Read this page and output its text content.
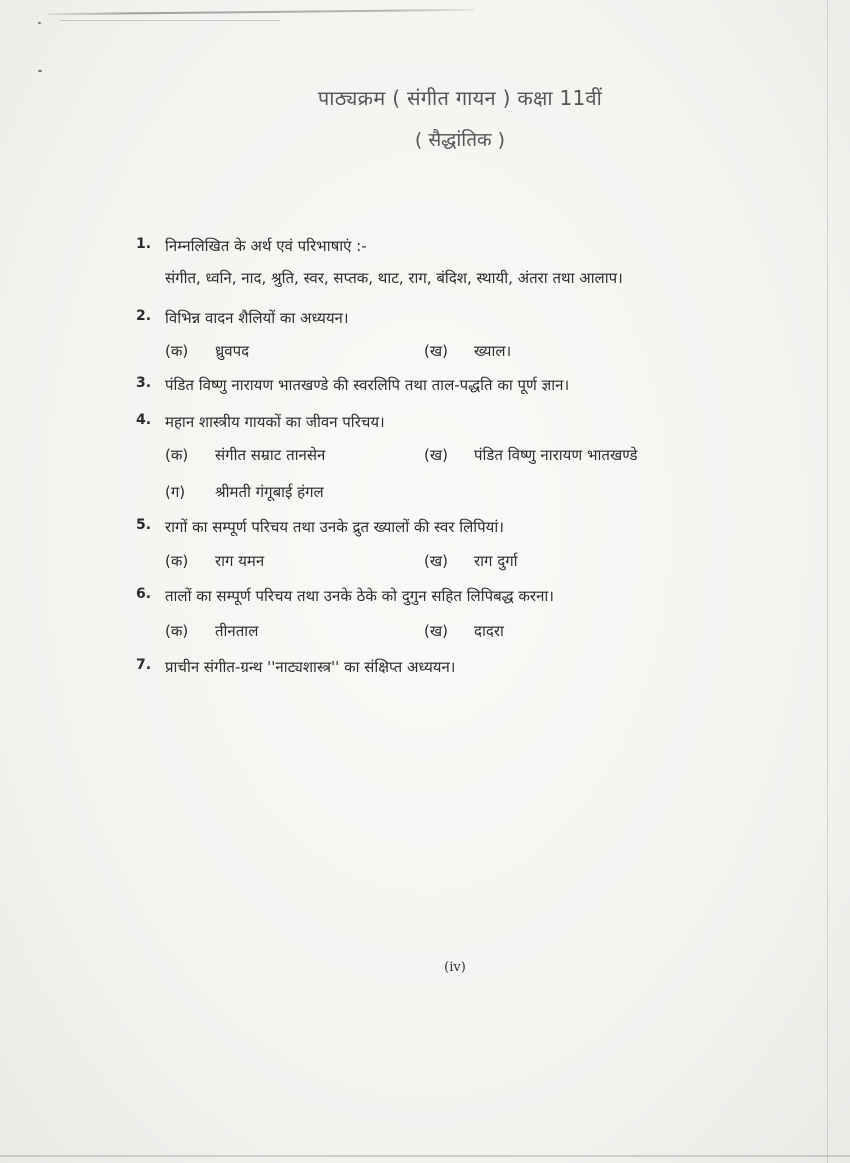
पाठ्यक्रम ( संगीत गायन ) कक्षा 11वीं
( सैद्धांतिक )
1. निम्नलिखित के अर्थ एवं परिभाषाएं :-
संगीत, ध्वनि, नाद, श्रुति, स्वर, सप्तक, थाट, राग, बंदिश, स्थायी, अंतरा तथा आलाप।
2. विभिन्न वादन शैलियों का अध्ययन।
(क) ध्रुवपद	(ख) ख्याल।
3. पंडित विष्णु नारायण भातखण्डे की स्वरलिपि तथा ताल-पद्धति का पूर्ण ज्ञान।
4. महान शास्त्रीय गायकों का जीवन परिचय।
(क) संगीत सम्राट तानसेन	(ख) पंडित विष्णु नारायण भातखण्डे
(ग) श्रीमती गंगूबाई हंगल
5. रागों का सम्पूर्ण परिचय तथा उनके द्रुत ख्यालों की स्वर लिपियां।
(क) राग यमन	(ख) राग दुर्गा
6. तालों का सम्पूर्ण परिचय तथा उनके ठेके को दुगुन सहित लिपिबद्ध करना।
(क) तीनताल	(ख) दादरा
7. प्राचीन संगीत-ग्रन्थ ''नाट्यशास्त्र'' का संक्षिप्त अध्ययन।
(iv)
